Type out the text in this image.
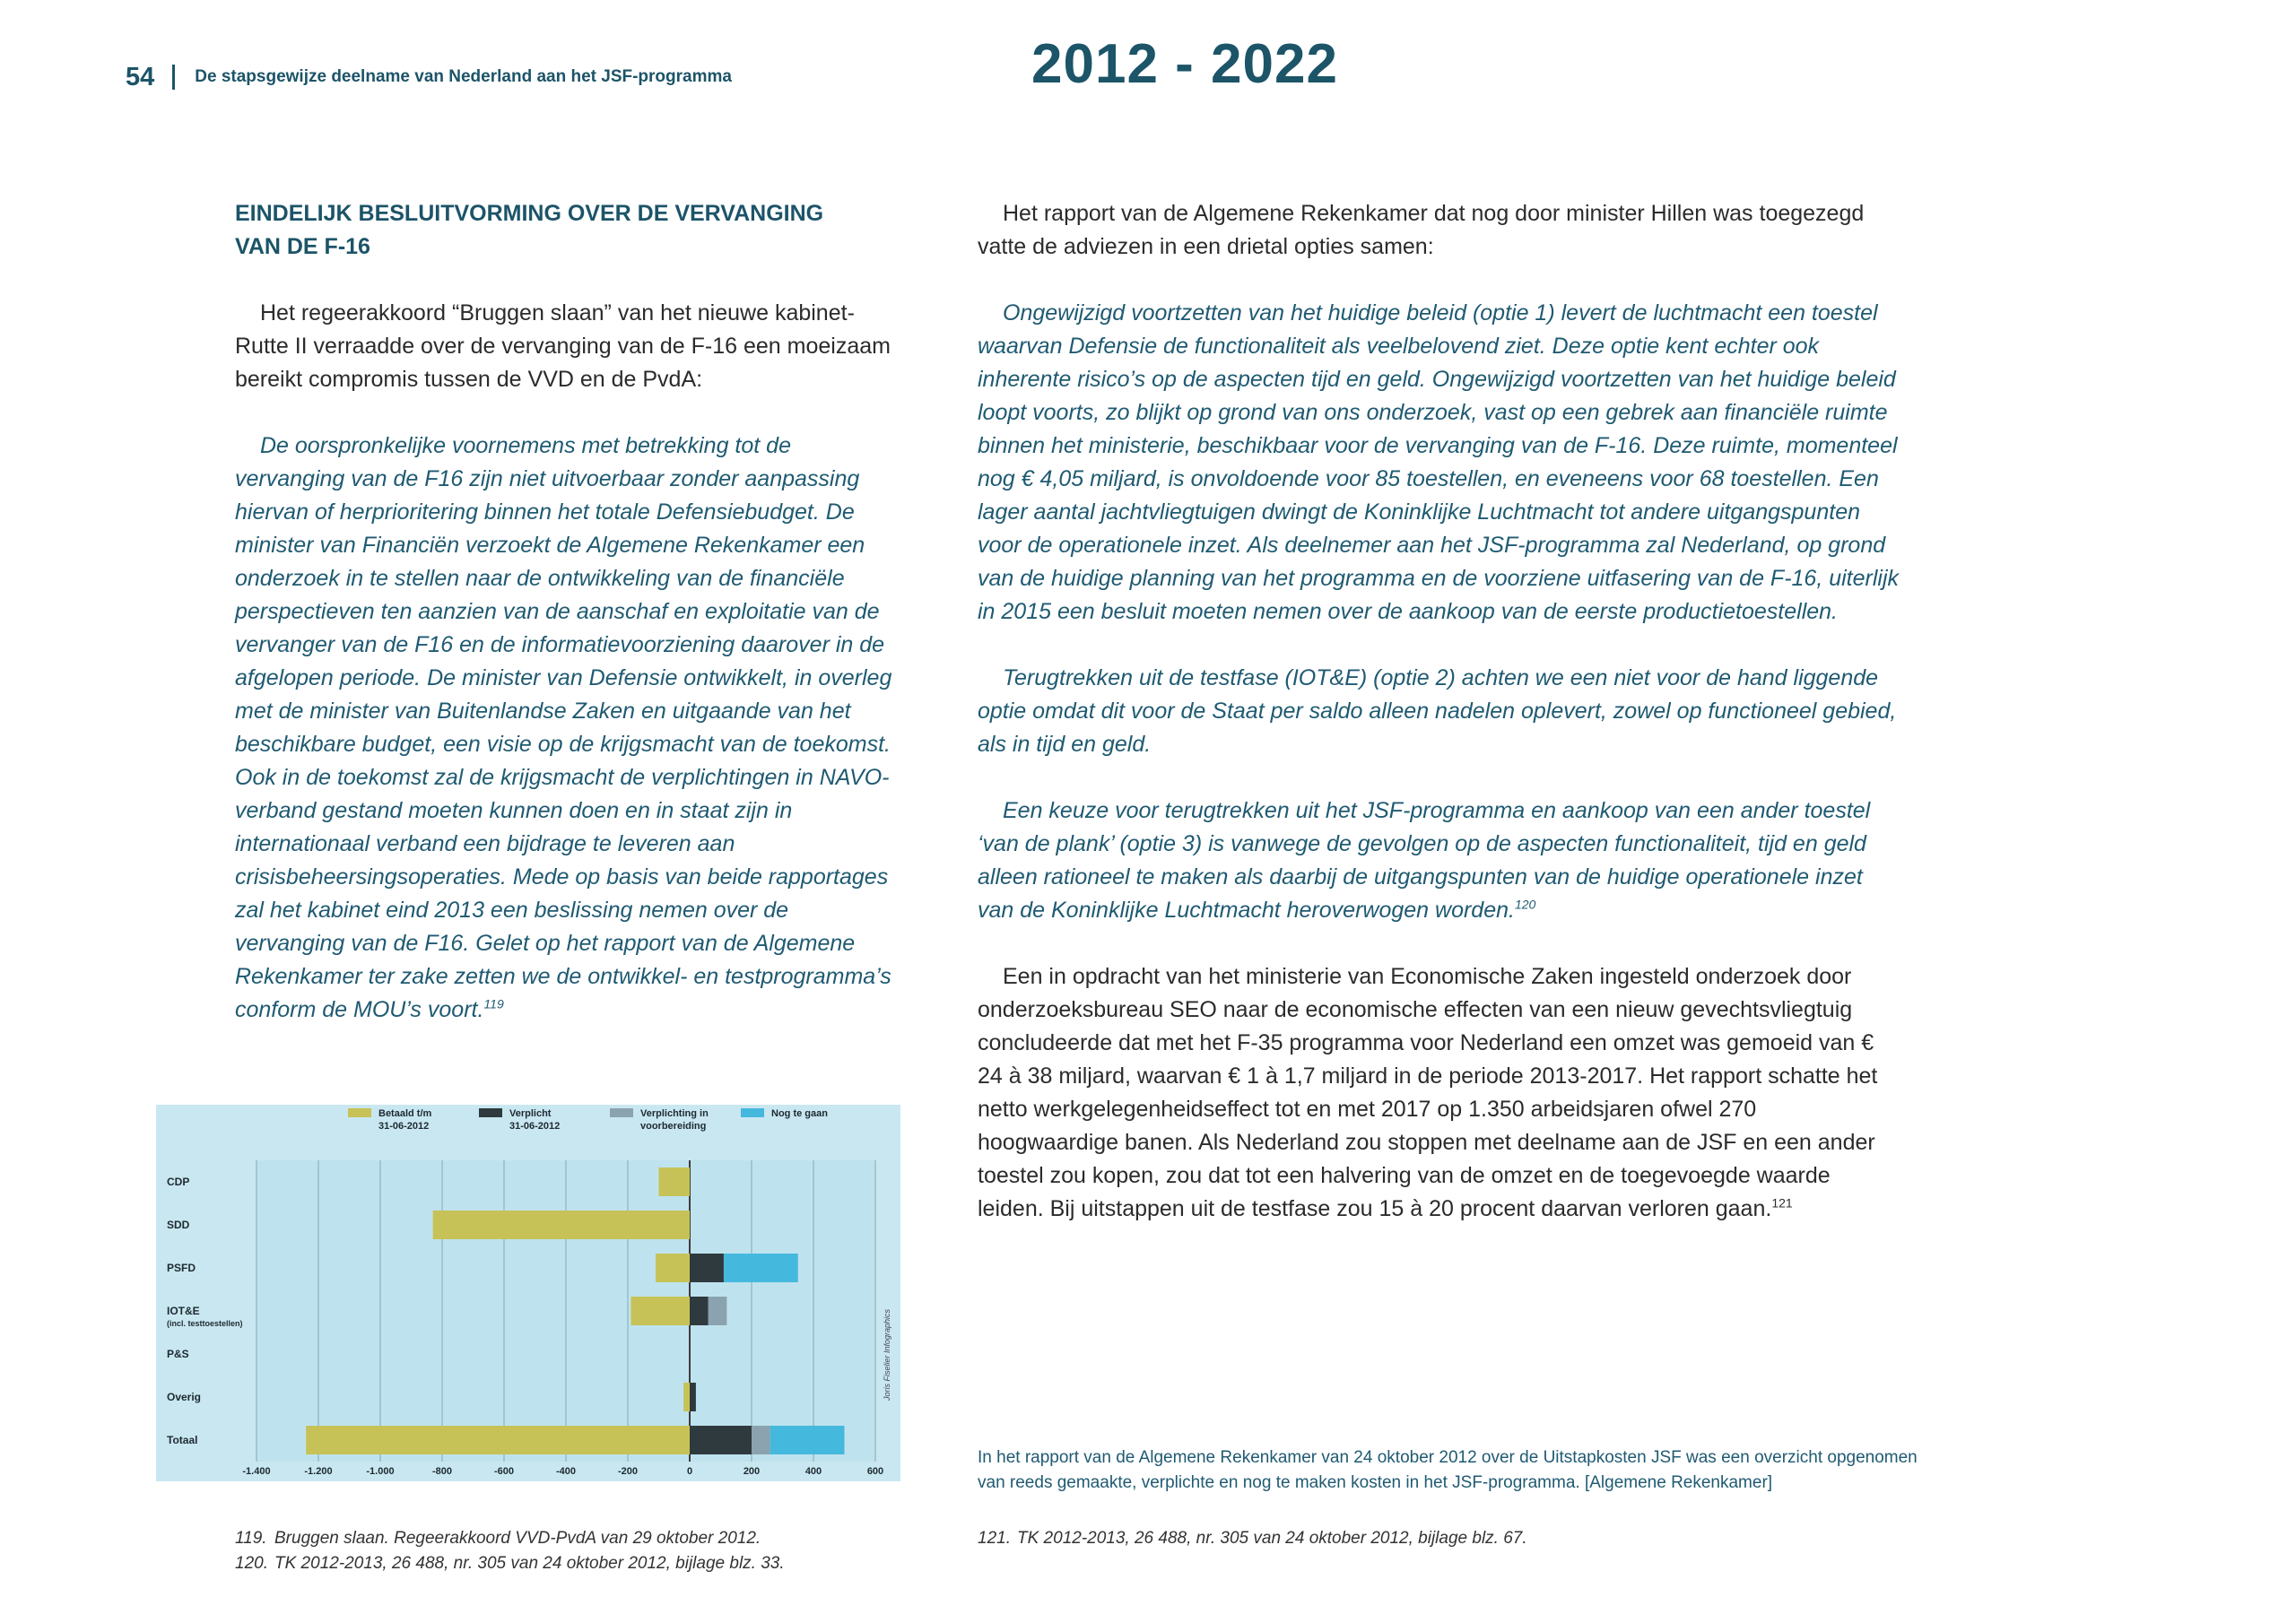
54 De stapsgewijze deelname van Nederland aan het JSF-programma	2012 - 2022
EINDELIJK BESLUITVORMING OVER DE VERVANGING
VAN DE F-16

Het regeerakkoord “Bruggen slaan” van het nieuwe kabinet-Rutte II verraadde over de vervanging van de F-16 een moeizaam bereikt compromis tussen de VVD en de PvdA:

De oorspronkelijke voornemens met betrekking tot de vervanging van de F16 zijn niet uitvoerbaar zonder aanpassing hiervan of herprioritering binnen het totale Defensiebudget. De minister van Financiën verzoekt de Algemene Rekenkamer een onderzoek in te stellen naar de ontwikkeling van de financiële perspectieven ten aanzien van de aanschaf en exploitatie van de vervanger van de F16 en de informatievoorziening daarover in de afgelopen periode. De minister van Defensie ontwikkelt, in overleg met de minister van Buitenlandse Zaken en uitgaande van het beschikbare budget, een visie op de krijgsmacht van de toekomst. Ook in de toekomst zal de krijgsmacht de verplichtingen in NAVO-verband gestand moeten kunnen doen en in staat zijn in internationaal verband een bijdrage te leveren aan crisisbeheersingsoperaties. Mede op basis van beide rapportages zal het kabinet eind 2013 een beslissing nemen over de vervanging van de F16. Gelet op het rapport van de Algemene Rekenkamer ter zake zetten we de ontwikkel- en testprogramma’s conform de MOU’s voort.$^{119}$

Het rapport van de Algemene Rekenkamer dat nog door minister Hillen was toegezegd vatte de adviezen in een drietal opties samen:

Ongewijzigd voortzetten van het huidige beleid (optie 1) levert de luchtmacht een toestel waarvan Defensie de functionaliteit als veelbelovend ziet. Deze optie kent echter ook inherente risico’s op de aspecten tijd en geld. Ongewijzigd voortzetten van het huidige beleid loopt voorts, zo blijkt op grond van ons onderzoek, vast op een gebrek aan financiële ruimte binnen het ministerie, beschikbaar voor de vervanging van de F-16. Deze ruimte, momenteel nog € 4,05 miljard, is onvoldoende voor 85 toestellen, en eveneens voor 68 toestellen. Een lager aantal jachtvliegtuigen dwingt de Koninklijke Luchtmacht tot andere uitgangspunten voor de operationele inzet. Als deelnemer aan het JSF-programma zal Nederland, op grond van de huidige planning van het programma en de voorziene uitfasering van de F-16, uiterlijk in 2015 een besluit moeten nemen over de aankoop van de eerste productietoestellen.

Terugtrekken uit de testfase (IOT&E) (optie 2) achten we een niet voor de hand liggende optie omdat dit voor de Staat per saldo alleen nadelen oplevert, zowel op functioneel gebied, als in tijd en geld.

Een keuze voor terugtrekken uit het JSF-programma en aankoop van een ander toestel ‘van de plank’ (optie 3) is vanwege de gevolgen op de aspecten functionaliteit, tijd en geld alleen rationeel te maken als daarbij de uitgangspunten van de huidige operationele inzet van de Koninklijke Luchtmacht heroverwogen worden.$^{120}$

Een in opdracht van het ministerie van Economische Zaken ingesteld onderzoek door onderzoeksbureau SEO naar de economische effecten van een nieuw gevechtsvliegtuig concludeerde dat met het F-35 programma voor Nederland een omzet was gemoeid van € 24 à 38 miljard, waarvan € 1 à 1,7 miljard in de periode 2013-2017. Het rapport schatte het netto werkgelegenheidseffect tot en met 2017 op 1.350 arbeidsjaren ofwel 270 hoogwaardige banen. Als Nederland zou stoppen met deelname aan de JSF en een ander toestel zou kopen, zou dat tot een halvering van de omzet en de toegevoegde waarde leiden. Bij uitstappen uit de testfase zou 15 à 20 procent daarvan verloren gaan.$^{121}$

-1.400	-1.200	-1.000	-800	-600	-400	-200	0	200	400	600
CDP
SDD
PSFD
IOT&E
(incl. testtoestellen)
P&S
Overig
Totaal
Betaald t/m
31-06-2012
Verplicht
31-06-2012
Verplichting in
voorbereiding
Nog te gaan
Joris Fiselier Infographics
In het rapport van de Algemene Rekenkamer van 24 oktober 2012 over de Uitstapkosten JSF was een overzicht opgenomen van reeds gemaakte, verplichte en nog te maken kosten in het JSF-programma. [Algemene Rekenkamer]
119. Bruggen slaan. Regeerakkoord VVD-PvdA van 29 oktober 2012.
120. TK 2012-2013, 26 488, nr. 305 van 24 oktober 2012, bijlage blz. 33.
121. TK 2012-2013, 26 488, nr. 305 van 24 oktober 2012, bijlage blz. 67.
